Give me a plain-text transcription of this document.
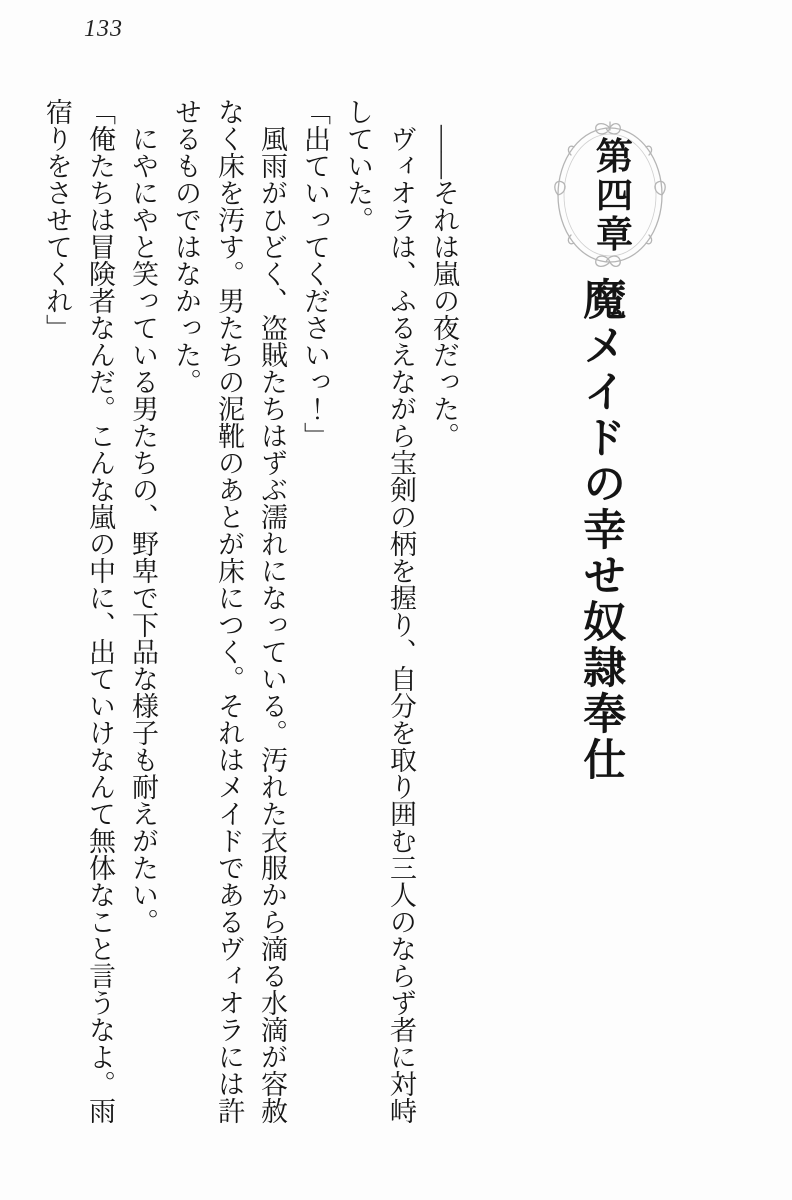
133
第四章
魔メイドの幸せ奴隷奉仕

――それは嵐の夜だった。

ヴィオラは、ふるえながら宝剣の柄を握り、自分を取り囲む三人のならず者に対峙していた。

「出ていってくださいっ！」

風雨がひどく、盗賊たちはずぶ濡れになっている。汚れた衣服から滴る水滴が容赦なく床を汚す。男たちの泥靴のあとが床につく。それはメイドであるヴィオラには許せるものではなかった。

にやにやと笑っている男たちの、野卑で下品な様子も耐えがたい。

「俺たちは冒険者なんだ。こんな嵐の中に、出ていけなんて無体なこと言うなよ。雨宿りをさせてくれ」
